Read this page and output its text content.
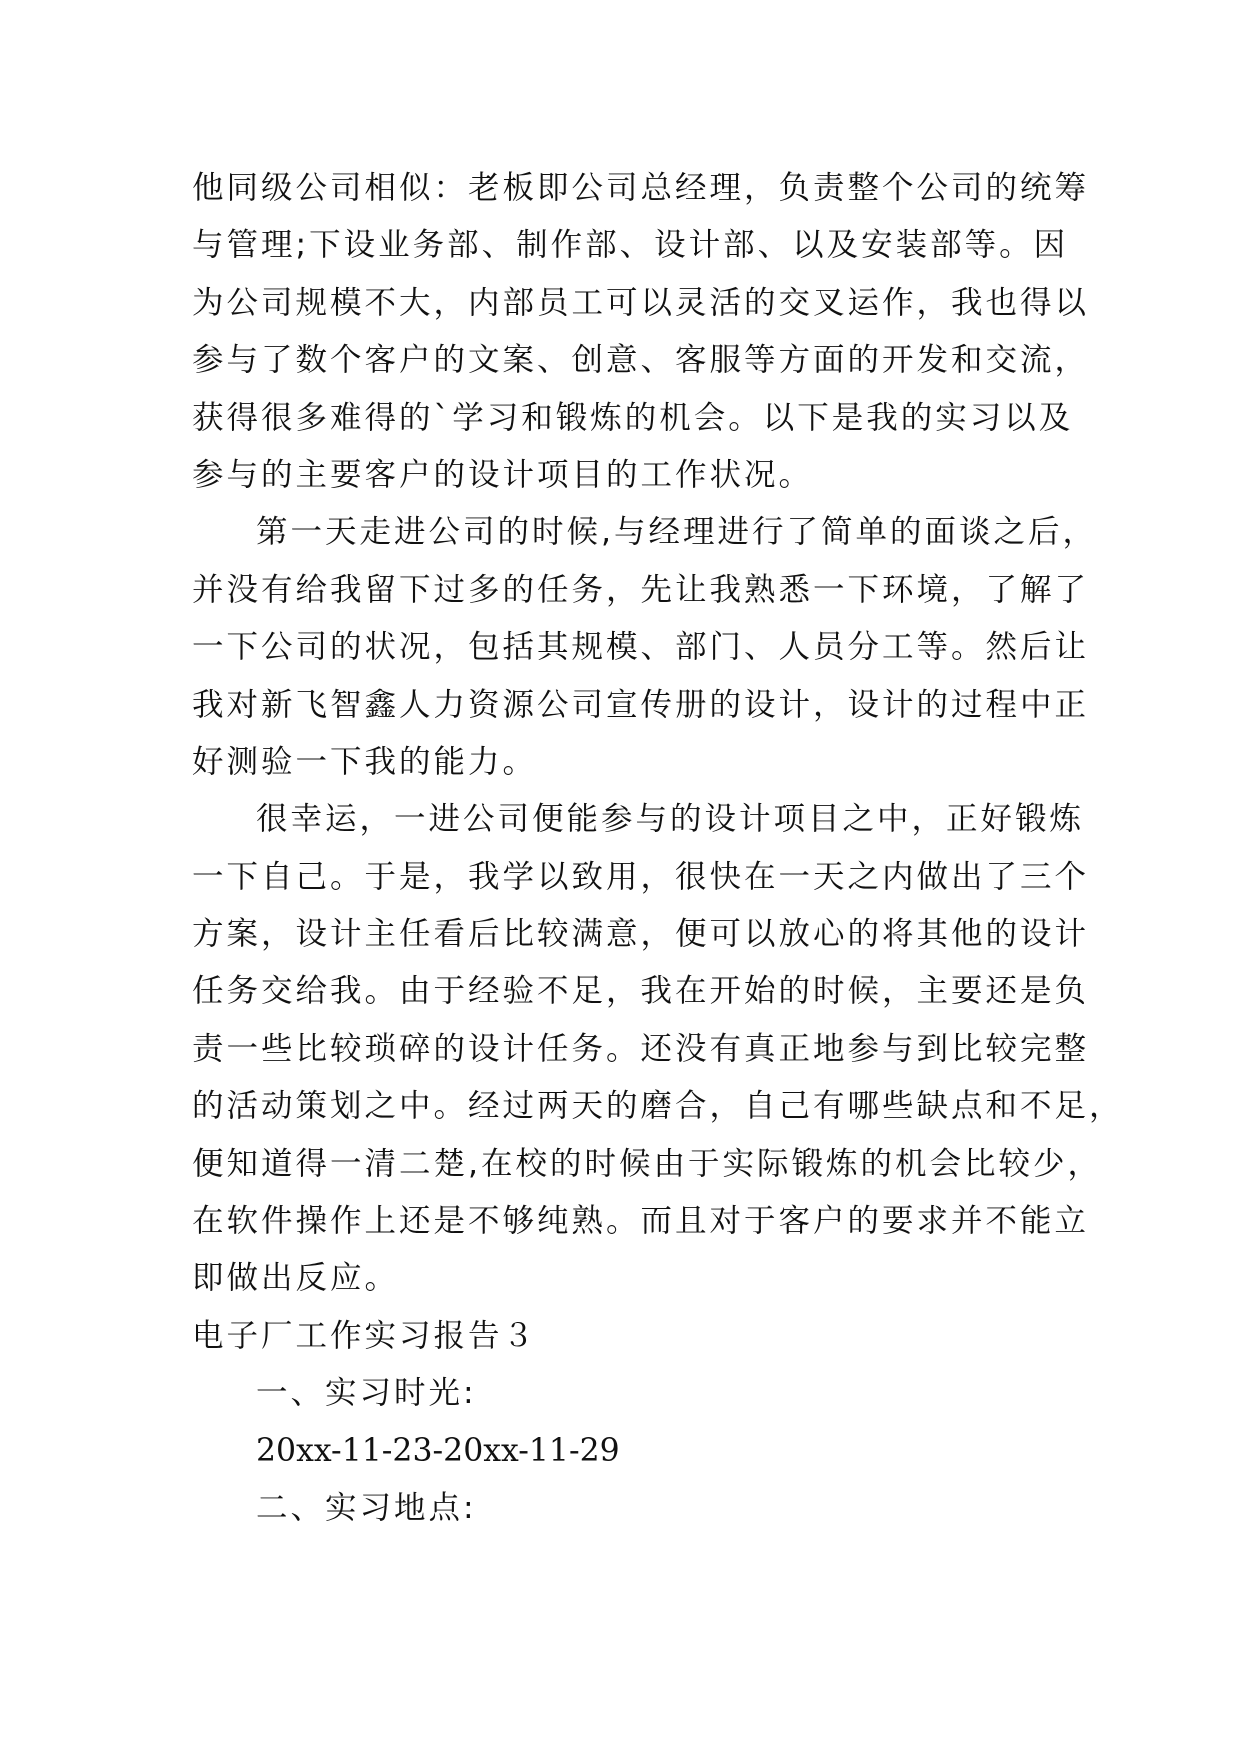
他同级公司相似：老板即公司总经理，负责整个公司的统筹
与管理;下设业务部、制作部、设计部、以及安装部等。因
为公司规模不大，内部员工可以灵活的交叉运作，我也得以
参与了数个客户的文案、创意、客服等方面的开发和交流，
获得很多难得的`学习和锻炼的机会。以下是我的实习以及
参与的主要客户的设计项目的工作状况。
第一天走进公司的时候,与经理进行了简单的面谈之后，
并没有给我留下过多的任务，先让我熟悉一下环境，了解了
一下公司的状况，包括其规模、部门、人员分工等。然后让
我对新飞智鑫人力资源公司宣传册的设计，设计的过程中正
好测验一下我的能力。
很幸运，一进公司便能参与的设计项目之中，正好锻炼
一下自己。于是，我学以致用，很快在一天之内做出了三个
方案，设计主任看后比较满意，便可以放心的将其他的设计
任务交给我。由于经验不足，我在开始的时候，主要还是负
责一些比较琐碎的设计任务。还没有真正地参与到比较完整
的活动策划之中。经过两天的磨合，自己有哪些缺点和不足，
便知道得一清二楚,在校的时候由于实际锻炼的机会比较少，
在软件操作上还是不够纯熟。而且对于客户的要求并不能立
即做出反应。
电子厂工作实习报告３
一、实习时光:
20xx-11-23-20xx-11-29
二、实习地点:
